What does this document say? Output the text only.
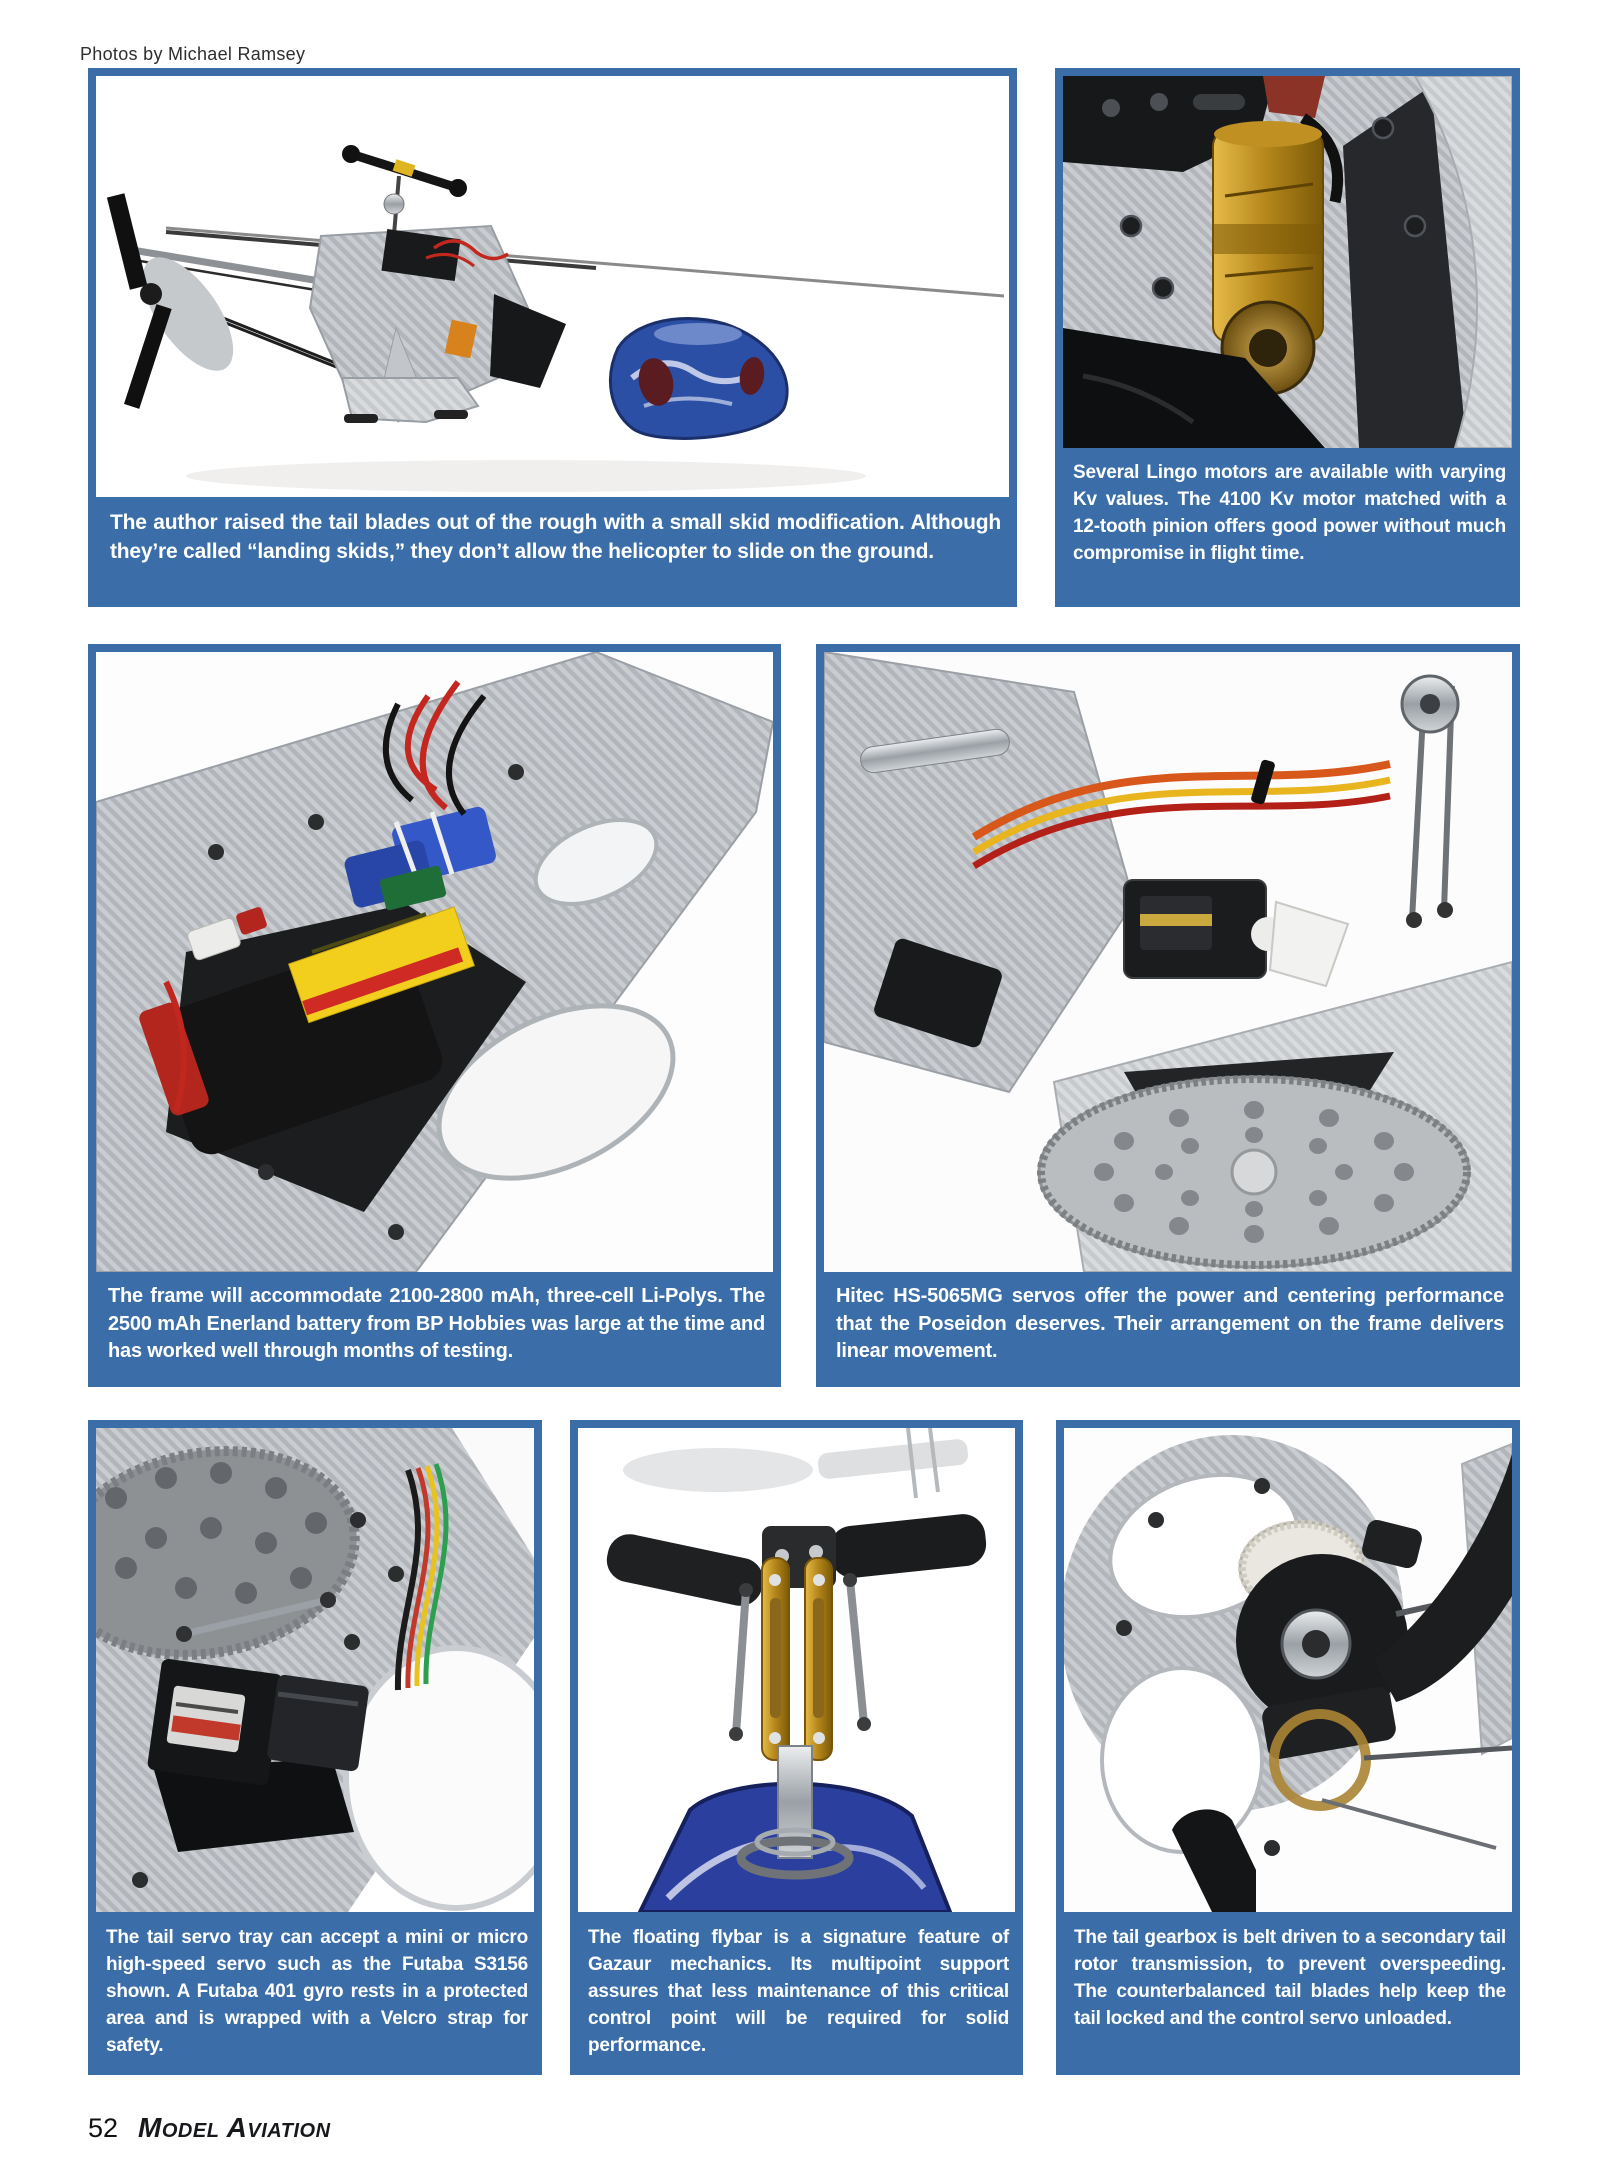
Photos by Michael Ramsey
The author raised the tail blades out of the rough with a small skid modification. Although they’re called “landing skids,” they don’t allow the helicopter to slide on the ground.
Several Lingo motors are available with varying Kv values. The 4100 Kv motor matched with a 12-tooth pinion offers good power without much compromise in flight time.
The frame will accommodate 2100-2800 mAh, three-cell Li-Polys. The 2500 mAh Enerland battery from BP Hobbies was large at the time and has worked well through months of testing.
Hitec HS-5065MG servos offer the power and centering performance that the Poseidon deserves. Their arrangement on the frame delivers linear movement.
The tail servo tray can accept a mini or micro high-speed servo such as the Futaba S3156 shown. A Futaba 401 gyro rests in a protected area and is wrapped with a Velcro strap for safety.
The floating flybar is a signature feature of Gazaur mechanics. Its multipoint support assures that less maintenance of this critical control point will be required for solid performance.
The tail gearbox is belt driven to a secondary tail rotor transmission, to prevent overspeeding. The counterbalanced tail blades help keep the tail locked and the control servo unloaded.
52 Model Aviation
